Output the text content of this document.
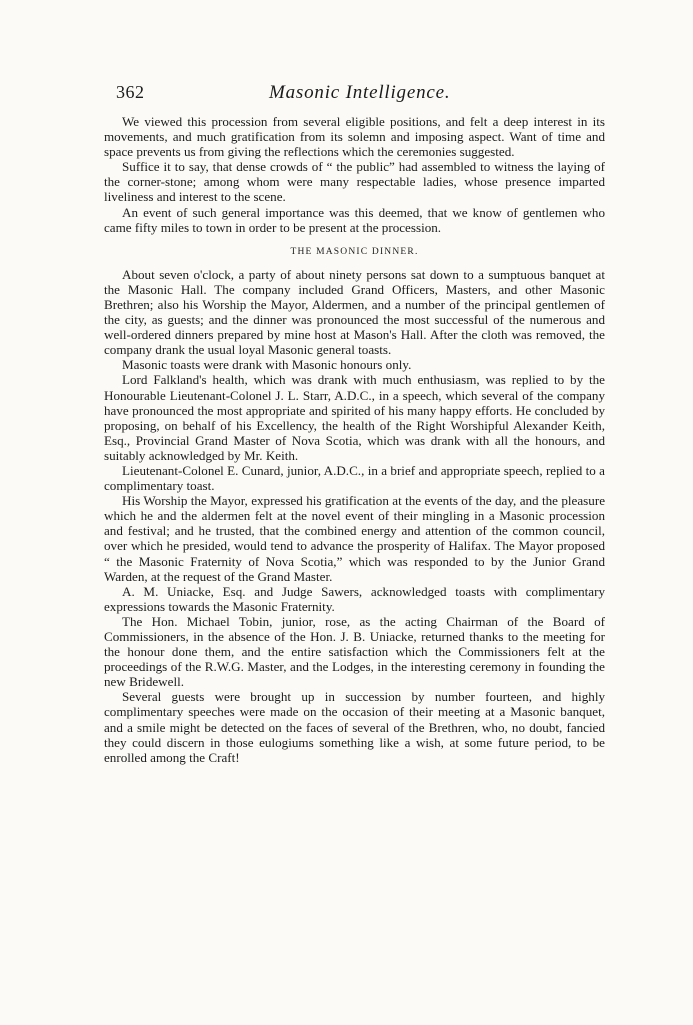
362	Masonic Intelligence.

We viewed this procession from several eligible positions, and felt a deep interest in its movements, and much gratification from its solemn and imposing aspect. Want of time and space prevents us from giving the reflections which the ceremonies suggested.

Suffice it to say, that dense crowds of “ the public” had assembled to witness the laying of the corner-stone; among whom were many respectable ladies, whose presence imparted liveliness and interest to the scene.

An event of such general importance was this deemed, that we know of gentlemen who came fifty miles to town in order to be present at the procession.

THE MASONIC DINNER.

About seven o'clock, a party of about ninety persons sat down to a sumptuous banquet at the Masonic Hall. The company included Grand Officers, Masters, and other Masonic Brethren; also his Worship the Mayor, Aldermen, and a number of the principal gentlemen of the city, as guests; and the dinner was pronounced the most successful of the numerous and well-ordered dinners prepared by mine host at Mason's Hall. After the cloth was removed, the company drank the usual loyal Masonic general toasts.

Masonic toasts were drank with Masonic honours only.

Lord Falkland's health, which was drank with much enthusiasm, was replied to by the Honourable Lieutenant-Colonel J. L. Starr, A.D.C., in a speech, which several of the company have pronounced the most appropriate and spirited of his many happy efforts. He concluded by proposing, on behalf of his Excellency, the health of the Right Worshipful Alexander Keith, Esq., Provincial Grand Master of Nova Scotia, which was drank with all the honours, and suitably acknowledged by Mr. Keith.

Lieutenant-Colonel E. Cunard, junior, A.D.C., in a brief and appropriate speech, replied to a complimentary toast.

His Worship the Mayor, expressed his gratification at the events of the day, and the pleasure which he and the aldermen felt at the novel event of their mingling in a Masonic procession and festival; and he trusted, that the combined energy and attention of the common council, over which he presided, would tend to advance the prosperity of Halifax. The Mayor proposed “ the Masonic Fraternity of Nova Scotia,” which was responded to by the Junior Grand Warden, at the request of the Grand Master.

A. M. Uniacke, Esq. and Judge Sawers, acknowledged toasts with complimentary expressions towards the Masonic Fraternity.

The Hon. Michael Tobin, junior, rose, as the acting Chairman of the Board of Commissioners, in the absence of the Hon. J. B. Uniacke, returned thanks to the meeting for the honour done them, and the entire satisfaction which the Commissioners felt at the proceedings of the R.W.G. Master, and the Lodges, in the interesting ceremony in founding the new Bridewell.

Several guests were brought up in succession by number fourteen, and highly complimentary speeches were made on the occasion of their meeting at a Masonic banquet, and a smile might be detected on the faces of several of the Brethren, who, no doubt, fancied they could discern in those eulogiums something like a wish, at some future period, to be enrolled among the Craft!
